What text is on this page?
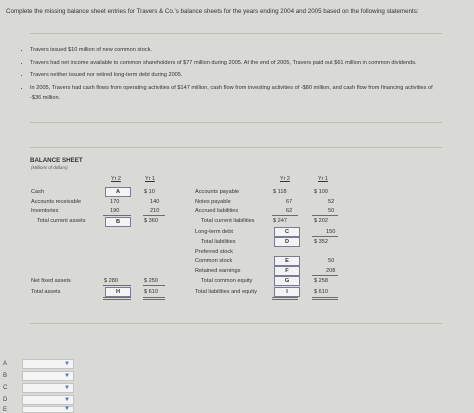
Complete the missing balance sheet entries for Travers & Co.'s balance sheets for the years ending 2004 and 2005 based on the following statements:
• Travers issued $10 million of new common stock.
• Travers had net income available to common shareholders of $77 million during 2005. At the end of 2005, Travers paid out $61 million in common dividends.
• Travers neither issued nor retired long-term debt during 2005.
• In 2005, Travers had cash flows from operating activities of $147 million, cash flow from investing activities of -$80 million, and cash flow from financing activities of -$36 million.
BALANCE SHEET
(Millions of dollars)
Yr 2	Yr 1
Cash	A	$ 10
Accounts receivable	170	140
Inventories	190	210
Total current assets	B	$ 360
Net fixed assets	$ 280	$ 250
Total assets	H	$ 610
Yr 2	Yr 1
Accounts payable	$ 118	$ 100
Notes payable	67	52
Accrued liabilities	62	50
Total current liabilities	$ 247	$ 202
Long-term debt	C	150
Total liabilities	D	$ 352
Preferred stock
Common stock	E	50
Retained earnings	F	208
Total common equity	G	$ 258
Total liabilities and equity	I	$ 610
A	▼
B	▼
C	▼
D	▼
E	▼
